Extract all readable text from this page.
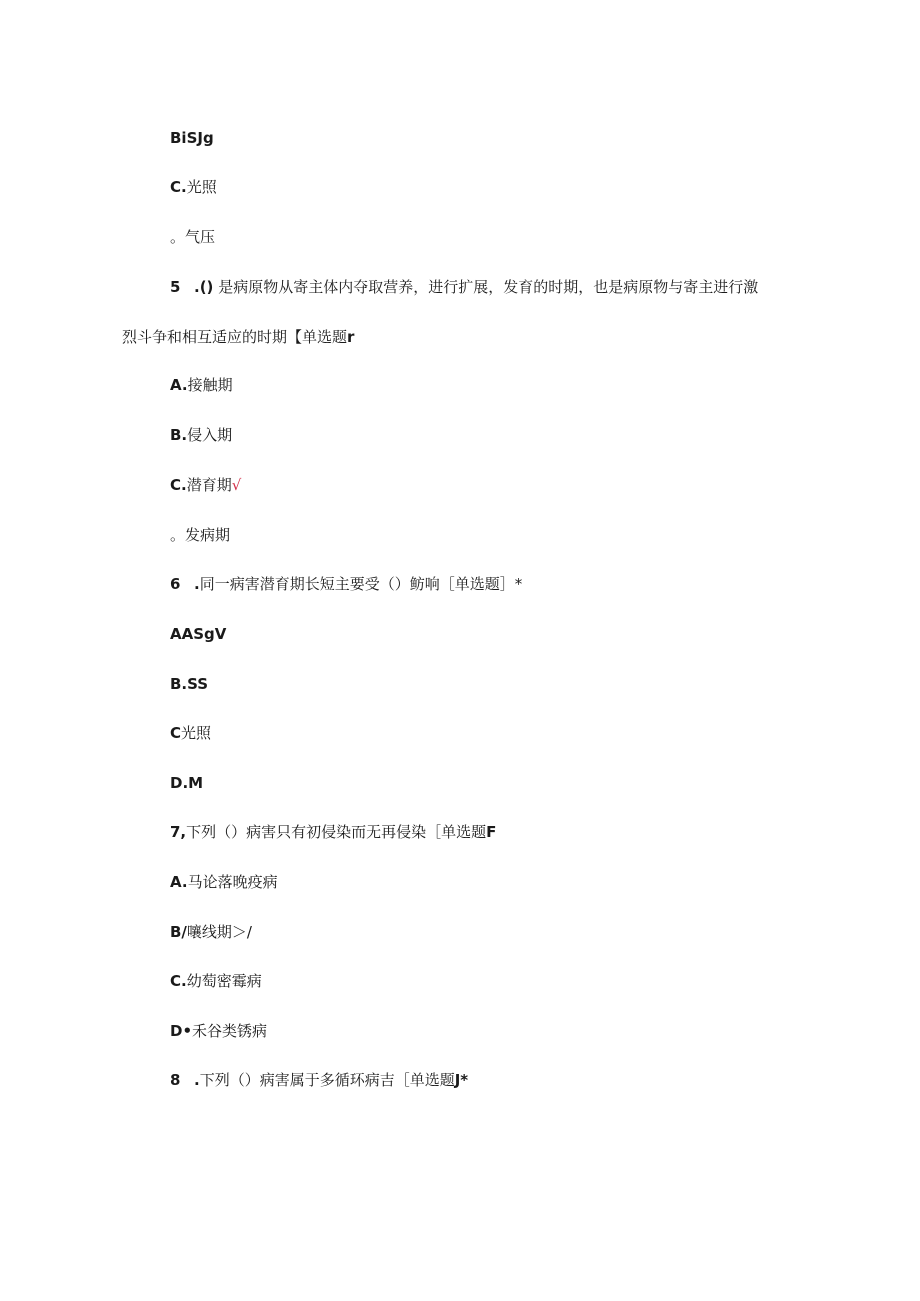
BiSJg
C.光照
。气压
5 .() 是病原物从寄主体内夺取营养，进行扩展，发育的时期，也是病原物与寄主进行激
烈斗争和相互适应的时期【单选题r
A.接触期
B.侵入期
C.潜育期√
。发病期
6 .同一病害潜育期长短主要受（）鲂响［单选题］*
AASgV
B.SS
C光照
D.M
7,下列（）病害只有初侵染而无再侵染［单选题F
A.马论落晚疫病
B/嚷线期＞/
C.幼萄密霉病
D•禾谷类锈病
8 .下列（）病害属于多循环病吉［单选题J*
